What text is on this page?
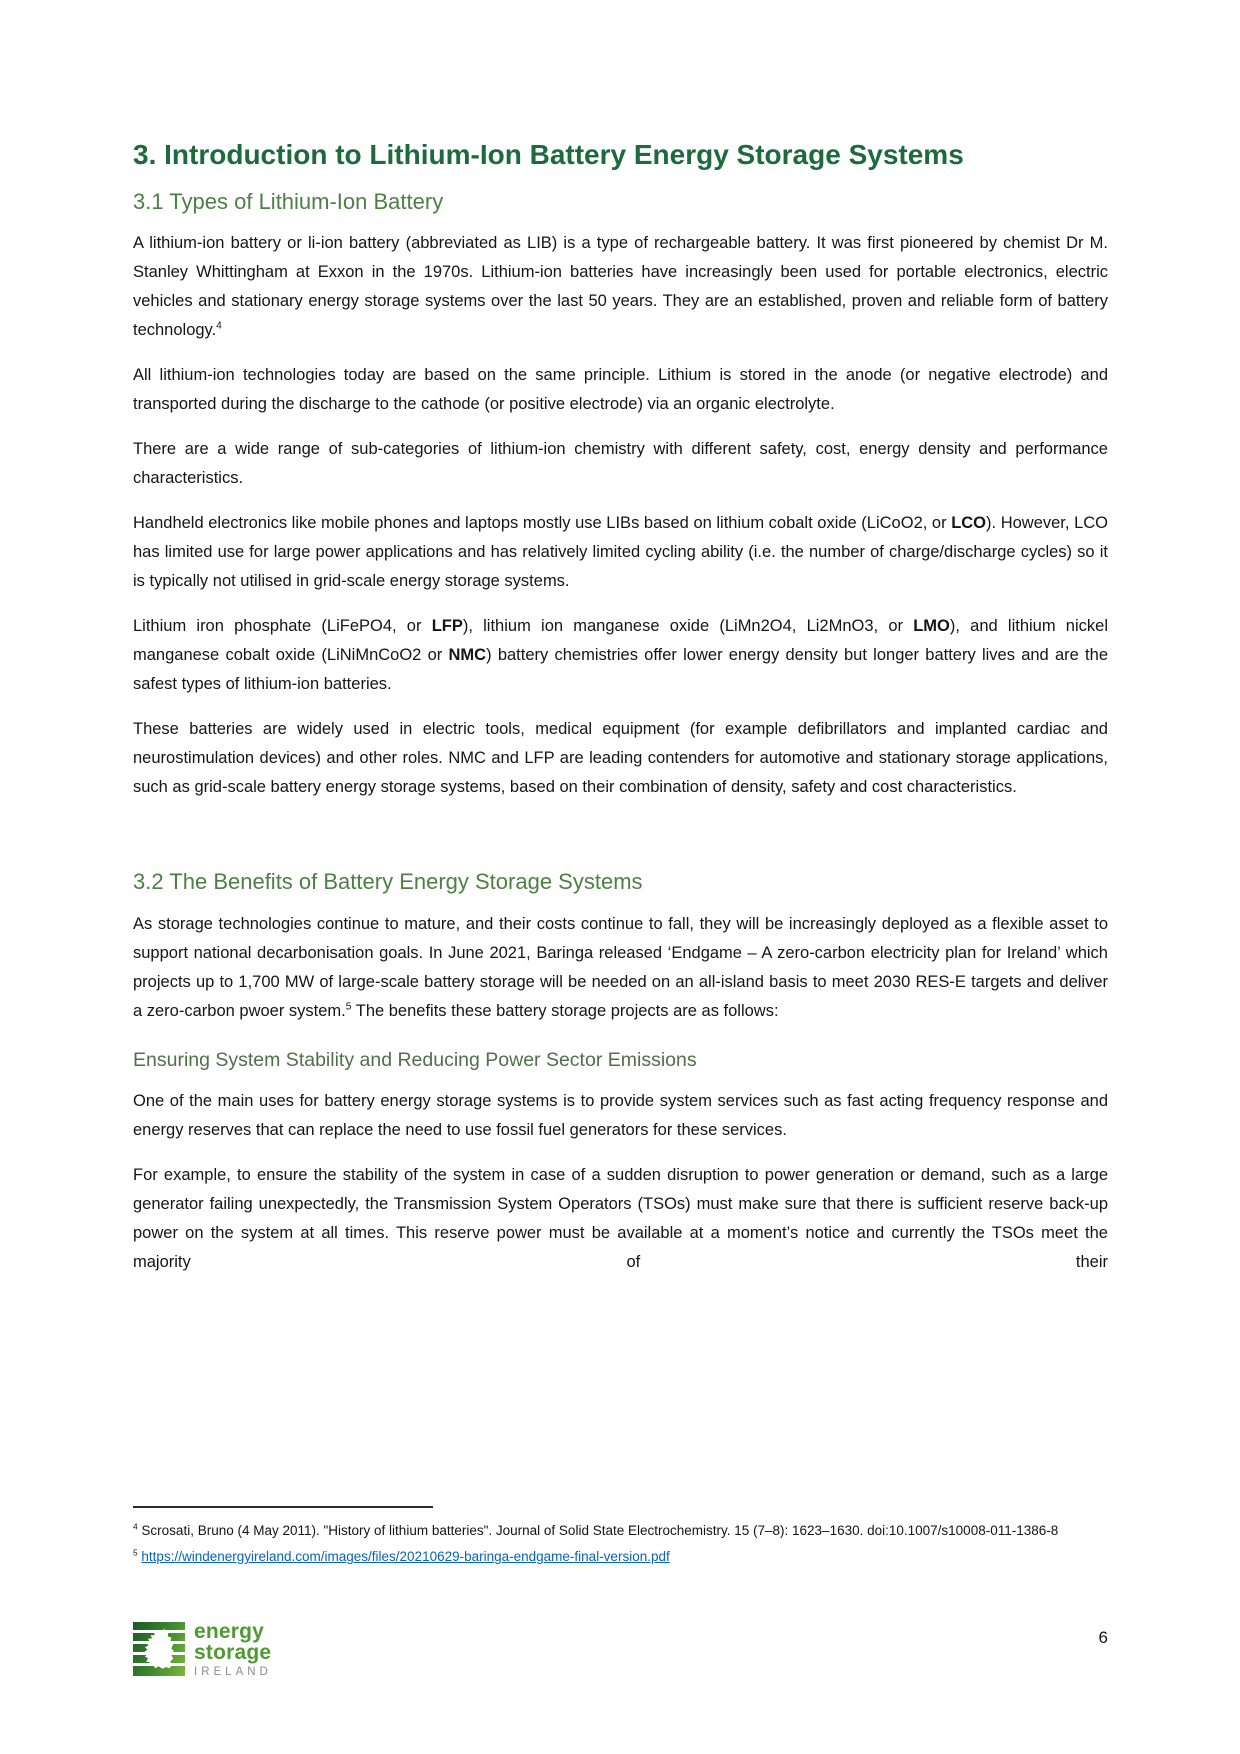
3. Introduction to Lithium-Ion Battery Energy Storage Systems
3.1 Types of Lithium-Ion Battery

A lithium-ion battery or li-ion battery (abbreviated as LIB) is a type of rechargeable battery. It was first pioneered by chemist Dr M. Stanley Whittingham at Exxon in the 1970s. Lithium-ion batteries have increasingly been used for portable electronics, electric vehicles and stationary energy storage systems over the last 50 years. They are an established, proven and reliable form of battery technology.$^4$

All lithium-ion technologies today are based on the same principle. Lithium is stored in the anode (or negative electrode) and transported during the discharge to the cathode (or positive electrode) via an organic electrolyte.

There are a wide range of sub-categories of lithium-ion chemistry with different safety, cost, energy density and performance characteristics.

Handheld electronics like mobile phones and laptops mostly use LIBs based on lithium cobalt oxide (LiCoO2, or LCO). However, LCO has limited use for large power applications and has relatively limited cycling ability (i.e. the number of charge/discharge cycles) so it is typically not utilised in grid-scale energy storage systems.

Lithium iron phosphate (LiFePO4, or LFP), lithium ion manganese oxide (LiMn2O4, Li2MnO3, or LMO), and lithium nickel manganese cobalt oxide (LiNiMnCoO2 or NMC) battery chemistries offer lower energy density but longer battery lives and are the safest types of lithium-ion batteries.

These batteries are widely used in electric tools, medical equipment (for example defibrillators and implanted cardiac and neurostimulation devices) and other roles. NMC and LFP are leading contenders for automotive and stationary storage applications, such as grid-scale battery energy storage systems, based on their combination of density, safety and cost characteristics.

3.2 The Benefits of Battery Energy Storage Systems

As storage technologies continue to mature, and their costs continue to fall, they will be increasingly deployed as a flexible asset to support national decarbonisation goals. In June 2021, Baringa released ‘Endgame – A zero-carbon electricity plan for Ireland’ which projects up to 1,700 MW of large-scale battery storage will be needed on an all-island basis to meet 2030 RES-E targets and deliver a zero-carbon pwoer system.$^5$ The benefits these battery storage projects are as follows:

Ensuring System Stability and Reducing Power Sector Emissions

One of the main uses for battery energy storage systems is to provide system services such as fast acting frequency response and energy reserves that can replace the need to use fossil fuel generators for these services.

For example, to ensure the stability of the system in case of a sudden disruption to power generation or demand, such as a large generator failing unexpectedly, the Transmission System Operators (TSOs) must make sure that there is sufficient reserve back-up power on the system at all times. This reserve power must be available at a moment’s notice and currently the TSOs meet the majority of their

$^4$ Scrosati, Bruno (4 May 2011). "History of lithium batteries". Journal of Solid State Electrochemistry. 15 (7–8): 1623–1630. doi:10.1007/s10008-011-1386-8
$^5$ https://windenergyireland.com/images/files/20210629-baringa-endgame-final-version.pdf
energy
storage
IRELAND
6
